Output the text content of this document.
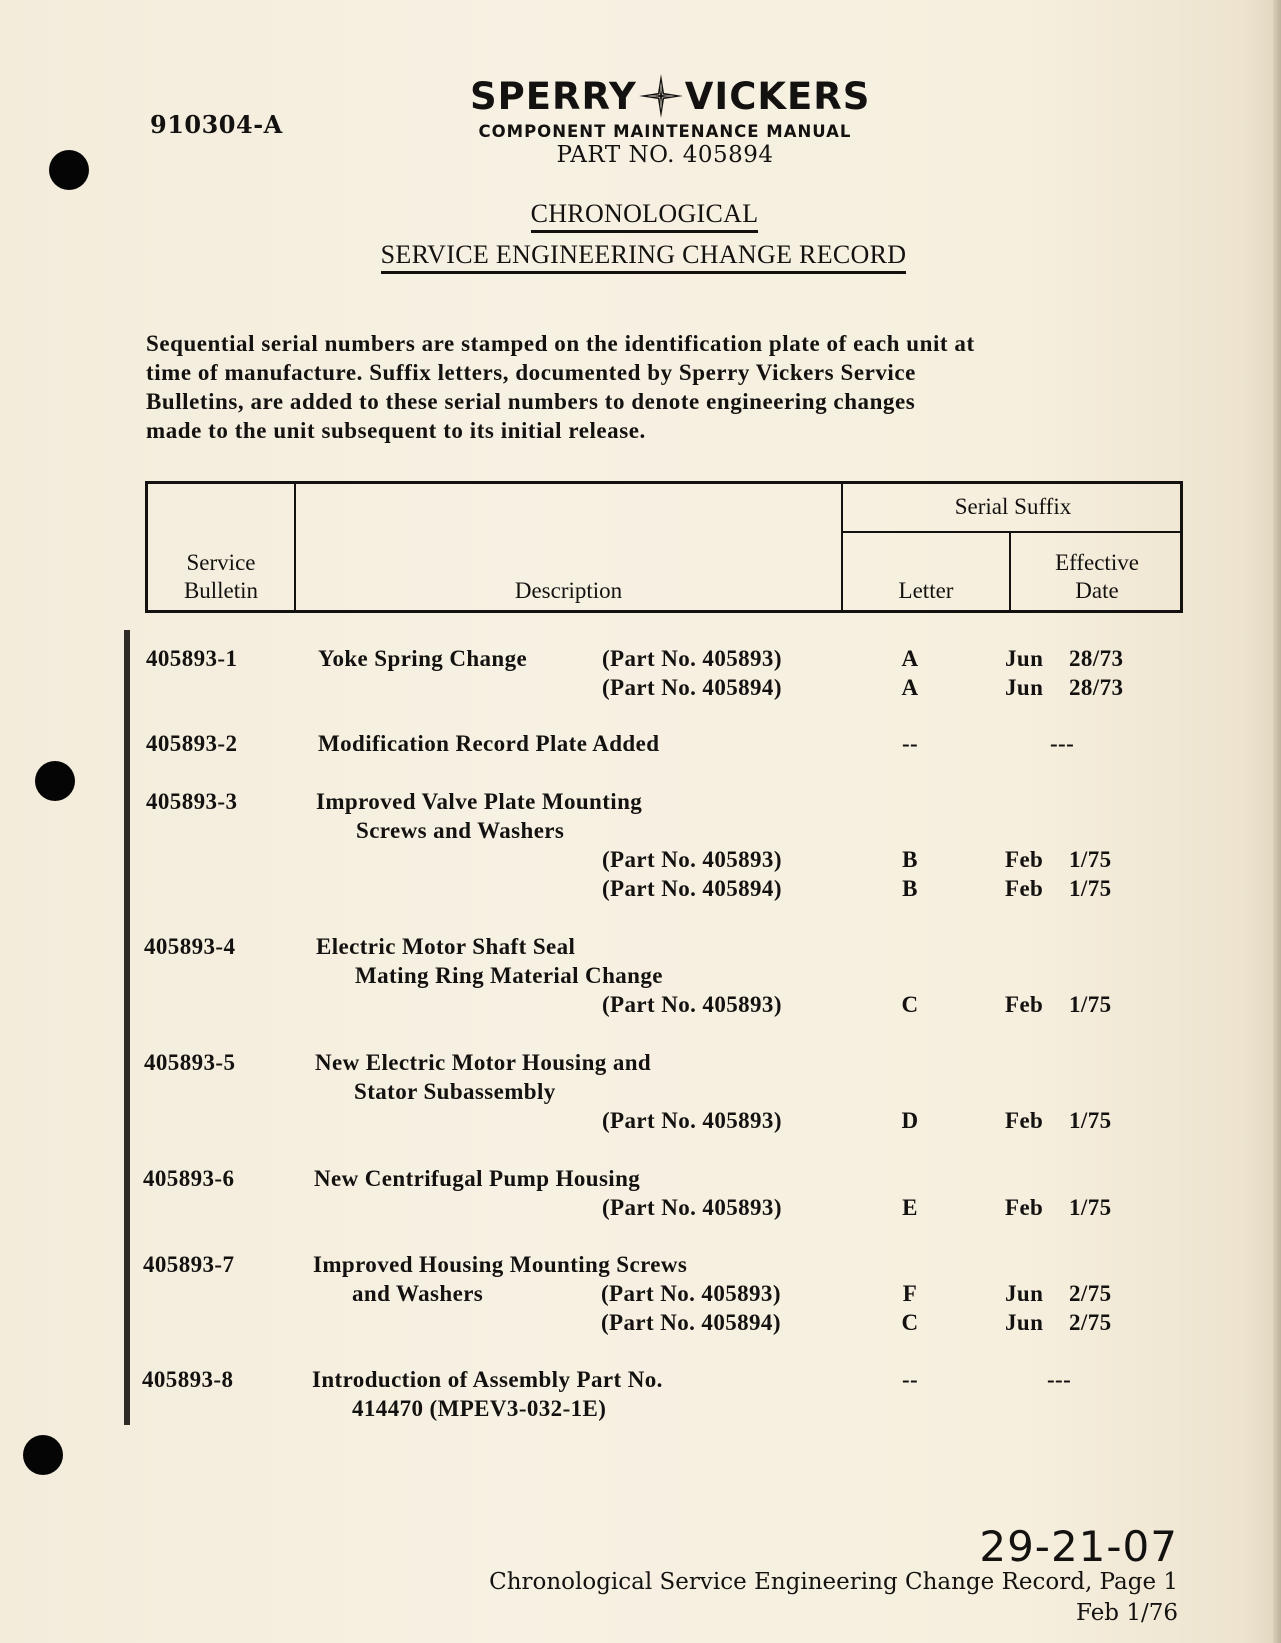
910304-A
SPERRY VICKERS
COMPONENT MAINTENANCE MANUAL
PART NO. 405894
CHRONOLOGICAL
SERVICE ENGINEERING CHANGE RECORD
Sequential serial numbers are stamped on the identification plate of each unit at
time of manufacture. Suffix letters, documented by Sperry Vickers Service
Bulletins, are added to these serial numbers to denote engineering changes
made to the unit subsequent to its initial release.
Service
Bulletin	Description
Serial Suffix
Letter
Effective
Date
405893-1	Yoke Spring Change	(Part No. 405893)	A	Jun 28/73
(Part No. 405894)	A	Jun 28/73
405893-2	Modification Record Plate Added	--	---
405893-3	Improved Valve Plate Mounting
Screws and Washers
(Part No. 405893)	B	Feb 1/75
(Part No. 405894)	B	Feb 1/75
405893-4	Electric Motor Shaft Seal
Mating Ring Material Change
(Part No. 405893)	C	Feb 1/75
405893-5	New Electric Motor Housing and
Stator Subassembly
(Part No. 405893)	D	Feb 1/75
405893-6	New Centrifugal Pump Housing
(Part No. 405893)	E	Feb 1/75
405893-7	Improved Housing Mounting Screws
and Washers	(Part No. 405893)	F	Jun 2/75
(Part No. 405894)	C	Jun 2/75
405893-8	Introduction of Assembly Part No.
414470 (MPEV3-032-1E)
--	---
29-21-07
Chronological Service Engineering Change Record, Page 1
Feb 1/76
